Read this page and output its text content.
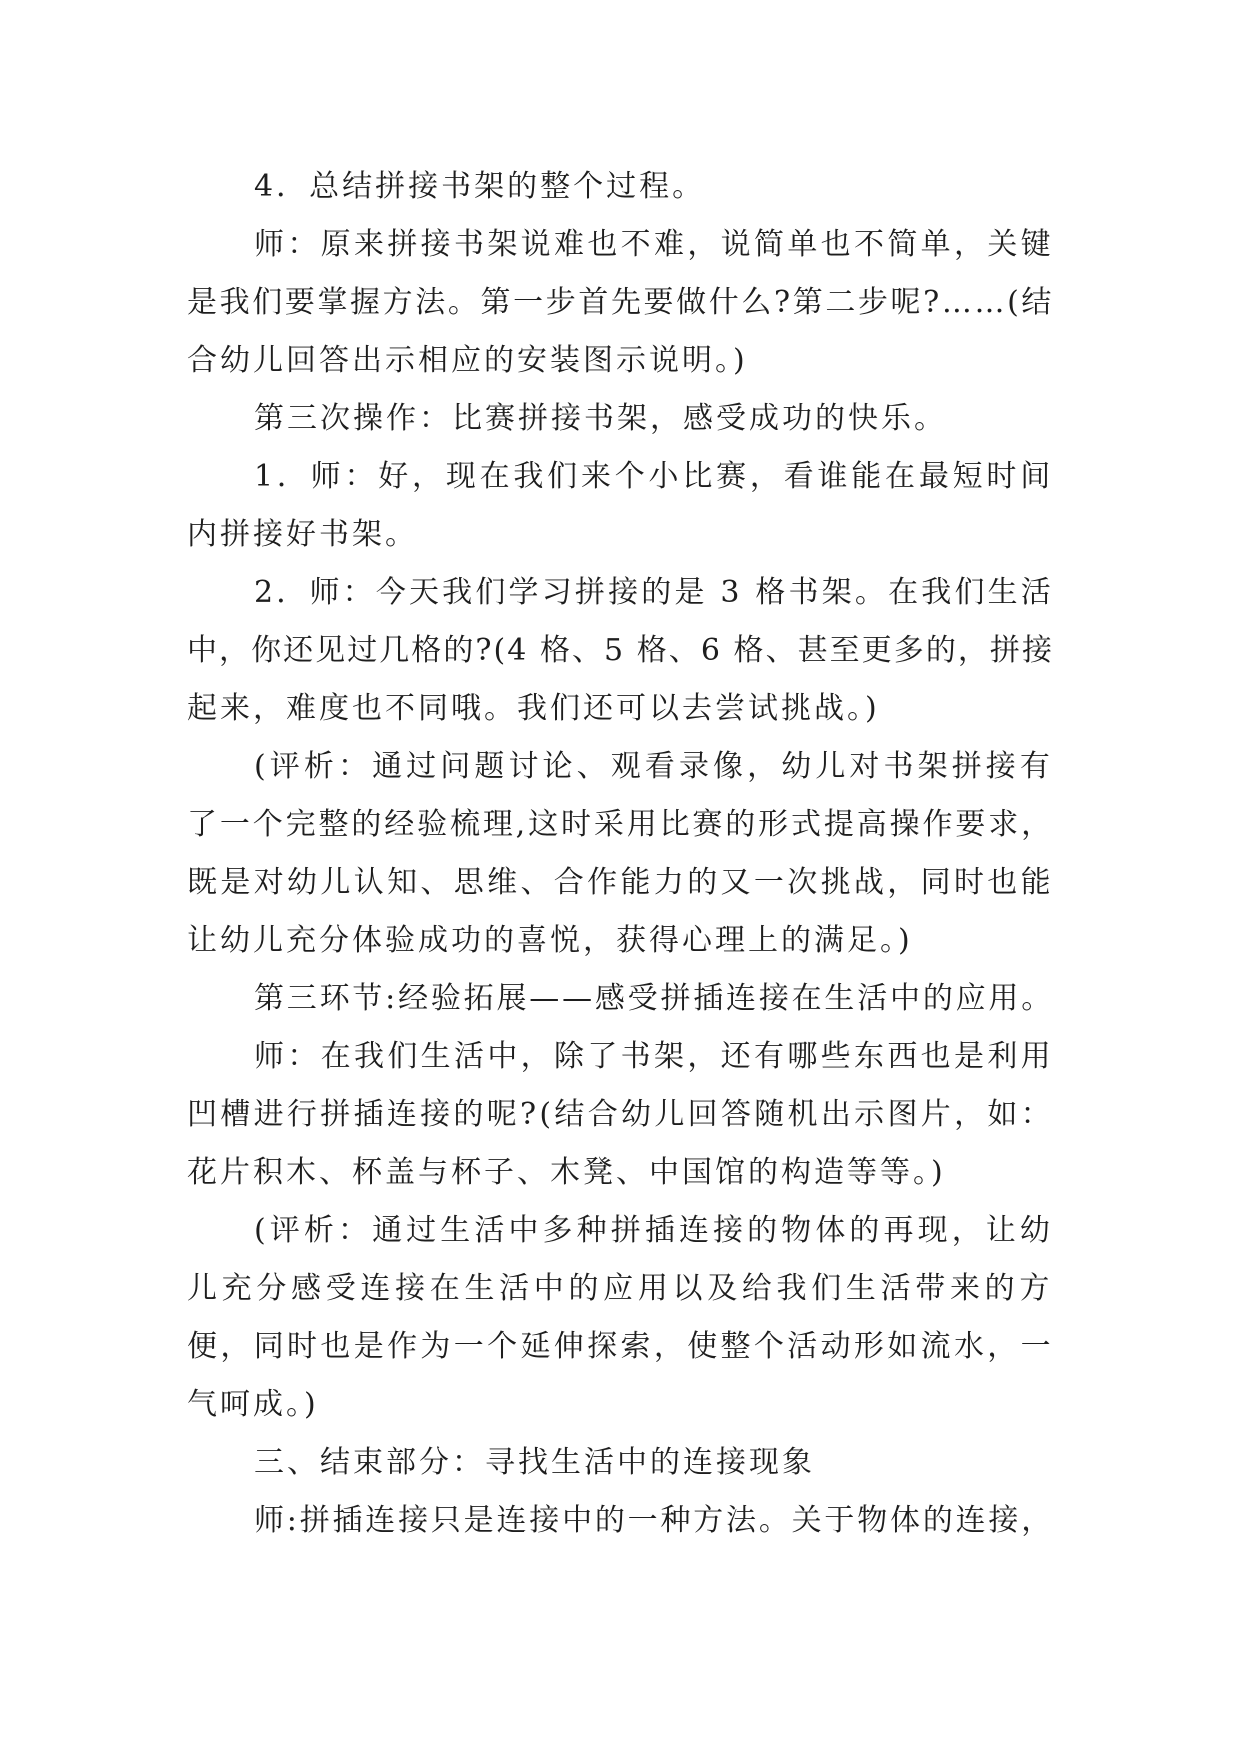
4．总结拼接书架的整个过程。
师：原来拼接书架说难也不难，说简单也不简单，关键
是我们要掌握方法。第一步首先要做什么?第二步呢?……(结
合幼儿回答出示相应的安装图示说明。)
第三次操作：比赛拼接书架，感受成功的快乐。
1．师：好，现在我们来个小比赛，看谁能在最短时间
内拼接好书架。
2．师：今天我们学习拼接的是 3 格书架。在我们生活
中，你还见过几格的?(4 格、5 格、6 格、甚至更多的，拼接
起来，难度也不同哦。我们还可以去尝试挑战。)
(评析：通过问题讨论、观看录像，幼儿对书架拼接有
了一个完整的经验梳理,这时采用比赛的形式提高操作要求，
既是对幼儿认知、思维、合作能力的又一次挑战，同时也能
让幼儿充分体验成功的喜悦，获得心理上的满足。)
第三环节:经验拓展——感受拼插连接在生活中的应用。
师：在我们生活中，除了书架，还有哪些东西也是利用
凹槽进行拼插连接的呢?(结合幼儿回答随机出示图片，如：
花片积木、杯盖与杯子、木凳、中国馆的构造等等。)
(评析：通过生活中多种拼插连接的物体的再现，让幼
儿充分感受连接在生活中的应用以及给我们生活带来的方
便，同时也是作为一个延伸探索，使整个活动形如流水，一
气呵成。)
三、结束部分：寻找生活中的连接现象
师:拼插连接只是连接中的一种方法。关于物体的连接，
